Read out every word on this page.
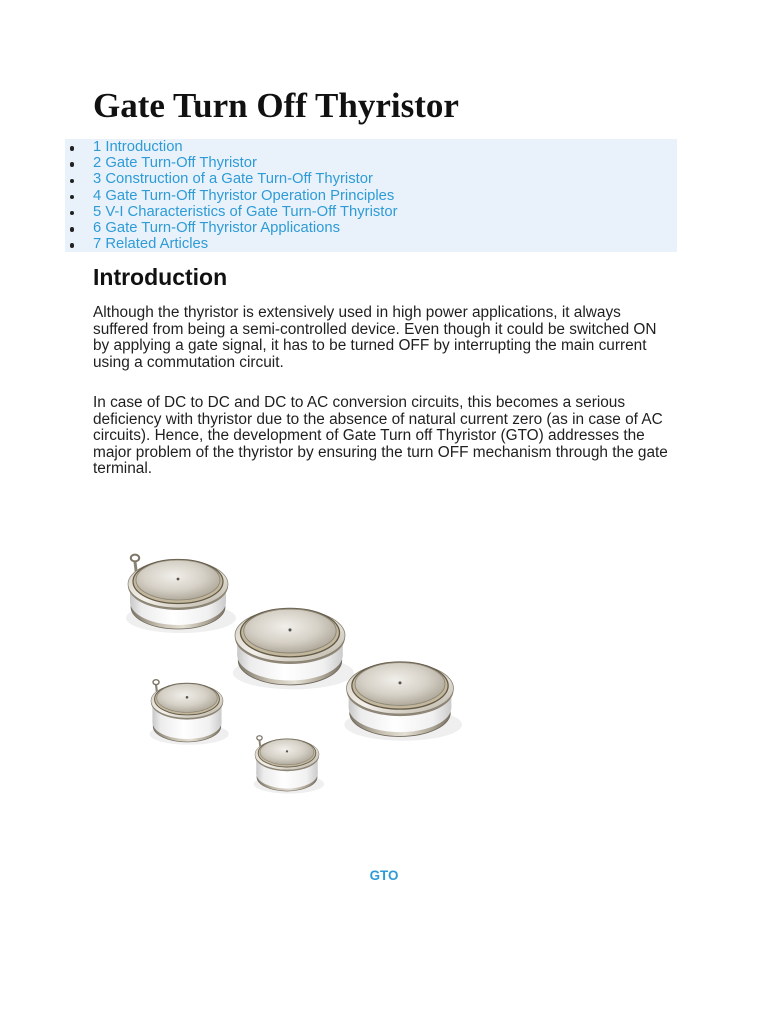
Gate Turn Off Thyristor
1 Introduction
2 Gate Turn-Off Thyristor
3 Construction of a Gate Turn-Off Thyristor
4 Gate Turn-Off Thyristor Operation Principles
5 V-I Characteristics of Gate Turn-Off Thyristor
6 Gate Turn-Off Thyristor Applications
7 Related Articles
Introduction
Although the thyristor is extensively used in high power applications, it always
suffered from being a semi-controlled device. Even though it could be switched ON
by applying a gate signal, it has to be turned OFF by interrupting the main current
using a commutation circuit.
In case of DC to DC and DC to AC conversion circuits, this becomes a serious
deficiency with thyristor due to the absence of natural current zero (as in case of AC
circuits). Hence, the development of Gate Turn off Thyristor (GTO) addresses the
major problem of the thyristor by ensuring the turn OFF mechanism through the gate
terminal.
GTO
